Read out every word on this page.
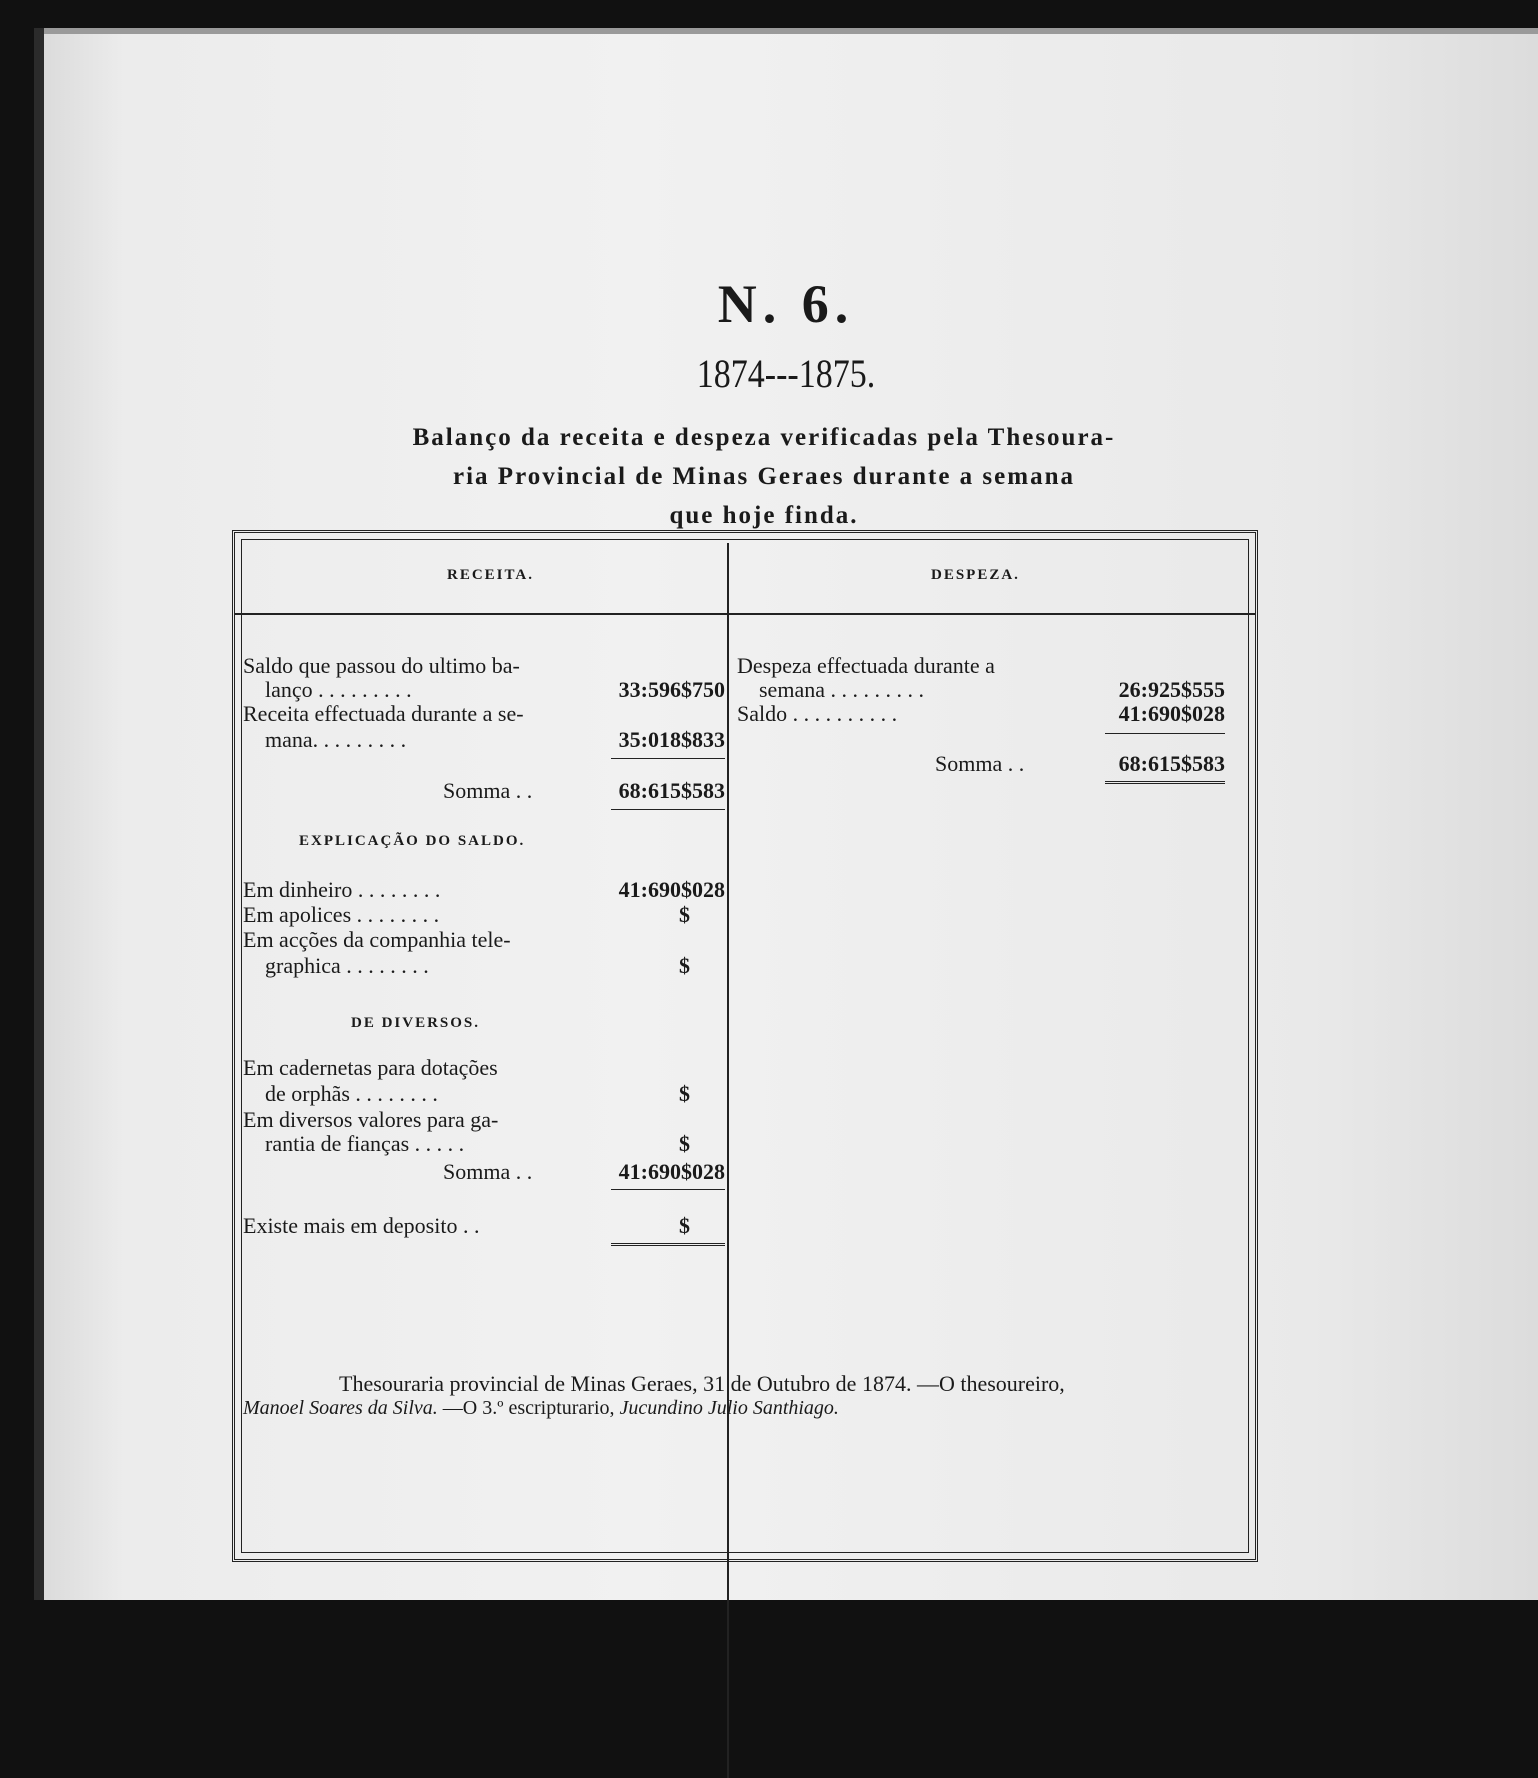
N. 6.
1874---1875.
Balanço da receita e despeza verificadas pela Thesoura-
ria Provincial de Minas Geraes durante a semana
que hoje finda.
RECEITA.	DESPEZA.
Saldo que passou do ultimo ba-
lanço . . . . . . . . .	33:596$750
Receita effectuada durante a se-
mana. . . . . . . . .	35:018$833
Somma . .	68:615$583
EXPLICAÇÃO DO SALDO.
Em dinheiro . . . . . . . .	41:690$028
Em apolices . . . . . . . .	$
Em acções da companhia tele-
graphica . . . . . . . .	$
DE DIVERSOS.
Em cadernetas para dotações
de orphãs . . . . . . . .	$
Em diversos valores para ga-
rantia de fianças . . . . .	$
Somma . .	41:690$028
Existe mais em deposito . .	$
Despeza effectuada durante a
semana . . . . . . . . .	26:925$555
Saldo . . . . . . . . . .	41:690$028
Somma . .	68:615$583
Thesouraria provincial de Minas Geraes, 31 de Outubro de 1874. —O thesoureiro,
Manoel Soares da Silva. —O 3.º escripturario, Jucundino Julio Santhiago.
